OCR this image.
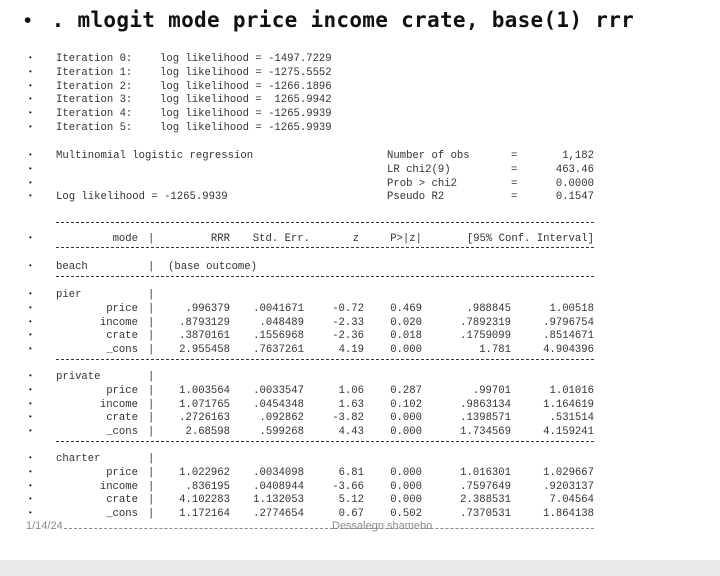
• . mlogit mode price income crate, base(1) rrr
• Iteration 0:	log likelihood = -1497.7229
• Iteration 1:	log likelihood = -1275.5552
• Iteration 2:	log likelihood = -1266.1896
• Iteration 3:	log likelihood =  1265.9942
• Iteration 4:	log likelihood = -1265.9939
• Iteration 5:	log likelihood = -1265.9939
• Multinomial logistic regression	Number of obs	=	1,182
•	LR chi2(9)	=	463.46
•	Prob > chi2	=	0.0000
• Log likelihood = -1265.9939	Pseudo R2	=	0.1547
•	mode |	RRR Std. Err.	z	P>|z|	[95% Conf. Interval]
• beach	| (base outcome)
• pier	|
•	price |	.996379 .0041671	-0.72 0.469	.988845	1.00518
•	income | .8793129	.048489	-2.33 0.020	.7892319	.9796754
•	crate | .3870161 .1556968	-2.36 0.018	.1759099	.8514671
•	_cons | 2.955458 .7637261	4.19 0.000	1.781	4.904396
• private	|
•	price | 1.003564 .0033547	1.06 0.287	.99701	1.01016
•	income | 1.071765 .0454348	1.63 0.102	.9863134	1.164619
•	crate | .2726163	.092862	-3.82 0.000	.1398571	.531514
•	_cons |	2.68598	.599268	4.43 0.000	1.734569	4.159241
• charter	|
•	price | 1.022962 .0034098	6.81 0.000	1.016301	1.029667
•	income |	.836195 .0408944	-3.66 0.000	.7597649	.9203137
•	crate | 4.102283 1.132053	5.12 0.000	2.388531	7.04564
•	_cons | 1.172164 .2774654	0.67 0.502	.7370531	1.864138
1/14/24	Dessalegn shamebo
